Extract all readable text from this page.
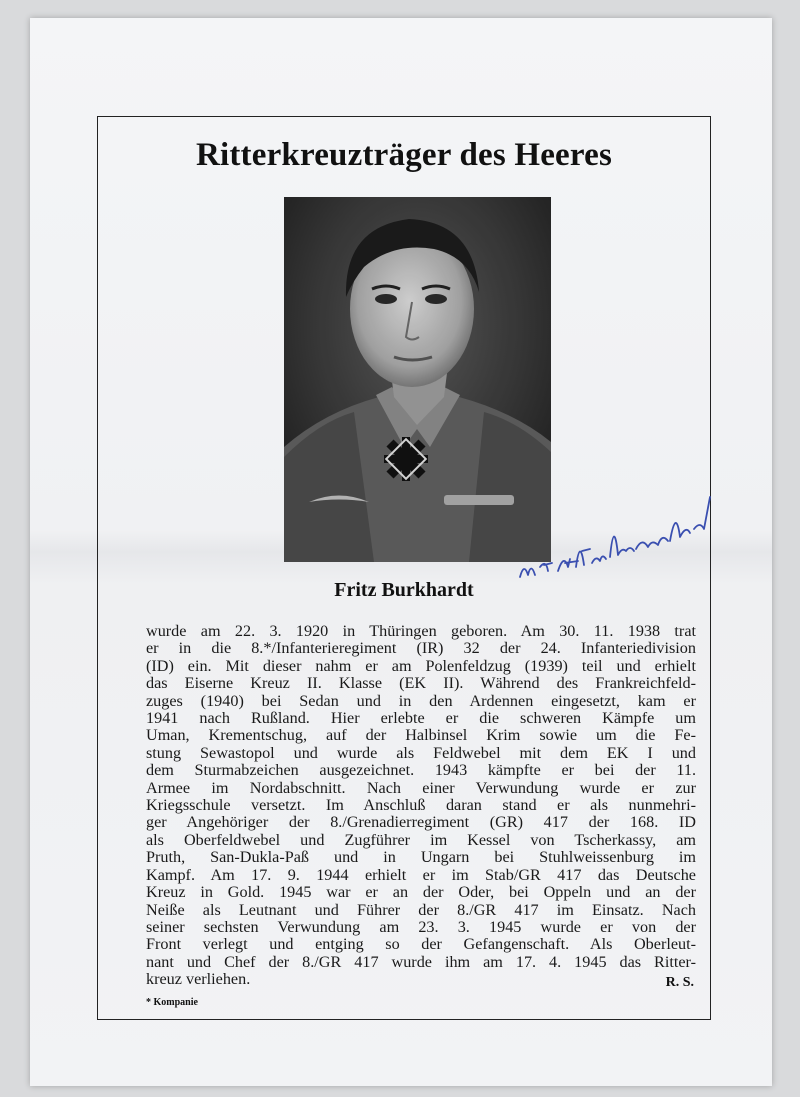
Ritterkreuzträger des Heeres
Fritz Burkhardt
wurde am 22. 3. 1920 in Thüringen geboren. Am 30. 11. 1938 trat
er in die 8.*/Infanterieregiment (IR) 32 der 24. Infanteriedivision
(ID) ein. Mit dieser nahm er am Polenfeldzug (1939) teil und erhielt
das Eiserne Kreuz II. Klasse (EK II). Während des Frankreichfeld-
zuges (1940) bei Sedan und in den Ardennen eingesetzt, kam er
1941 nach Rußland. Hier erlebte er die schweren Kämpfe um
Uman, Krementschug, auf der Halbinsel Krim sowie um die Fe-
stung Sewastopol und wurde als Feldwebel mit dem EK I und
dem Sturmabzeichen ausgezeichnet. 1943 kämpfte er bei der 11.
Armee im Nordabschnitt. Nach einer Verwundung wurde er zur
Kriegsschule versetzt. Im Anschluß daran stand er als nunmehri-
ger Angehöriger der 8./Grenadierregiment (GR) 417 der 168. ID
als Oberfeldwebel und Zugführer im Kessel von Tscherkassy, am
Pruth, San-Dukla-Paß und in Ungarn bei Stuhlweissenburg im
Kampf. Am 17. 9. 1944 erhielt er im Stab/GR 417 das Deutsche
Kreuz in Gold. 1945 war er an der Oder, bei Oppeln und an der
Neiße als Leutnant und Führer der 8./GR 417 im Einsatz. Nach
seiner sechsten Verwundung am 23. 3. 1945 wurde er von der
Front verlegt und entging so der Gefangenschaft. Als Oberleut-
nant und Chef der 8./GR 417 wurde ihm am 17. 4. 1945 das Ritter-
kreuz verliehen.	R. S.
* Kompanie
